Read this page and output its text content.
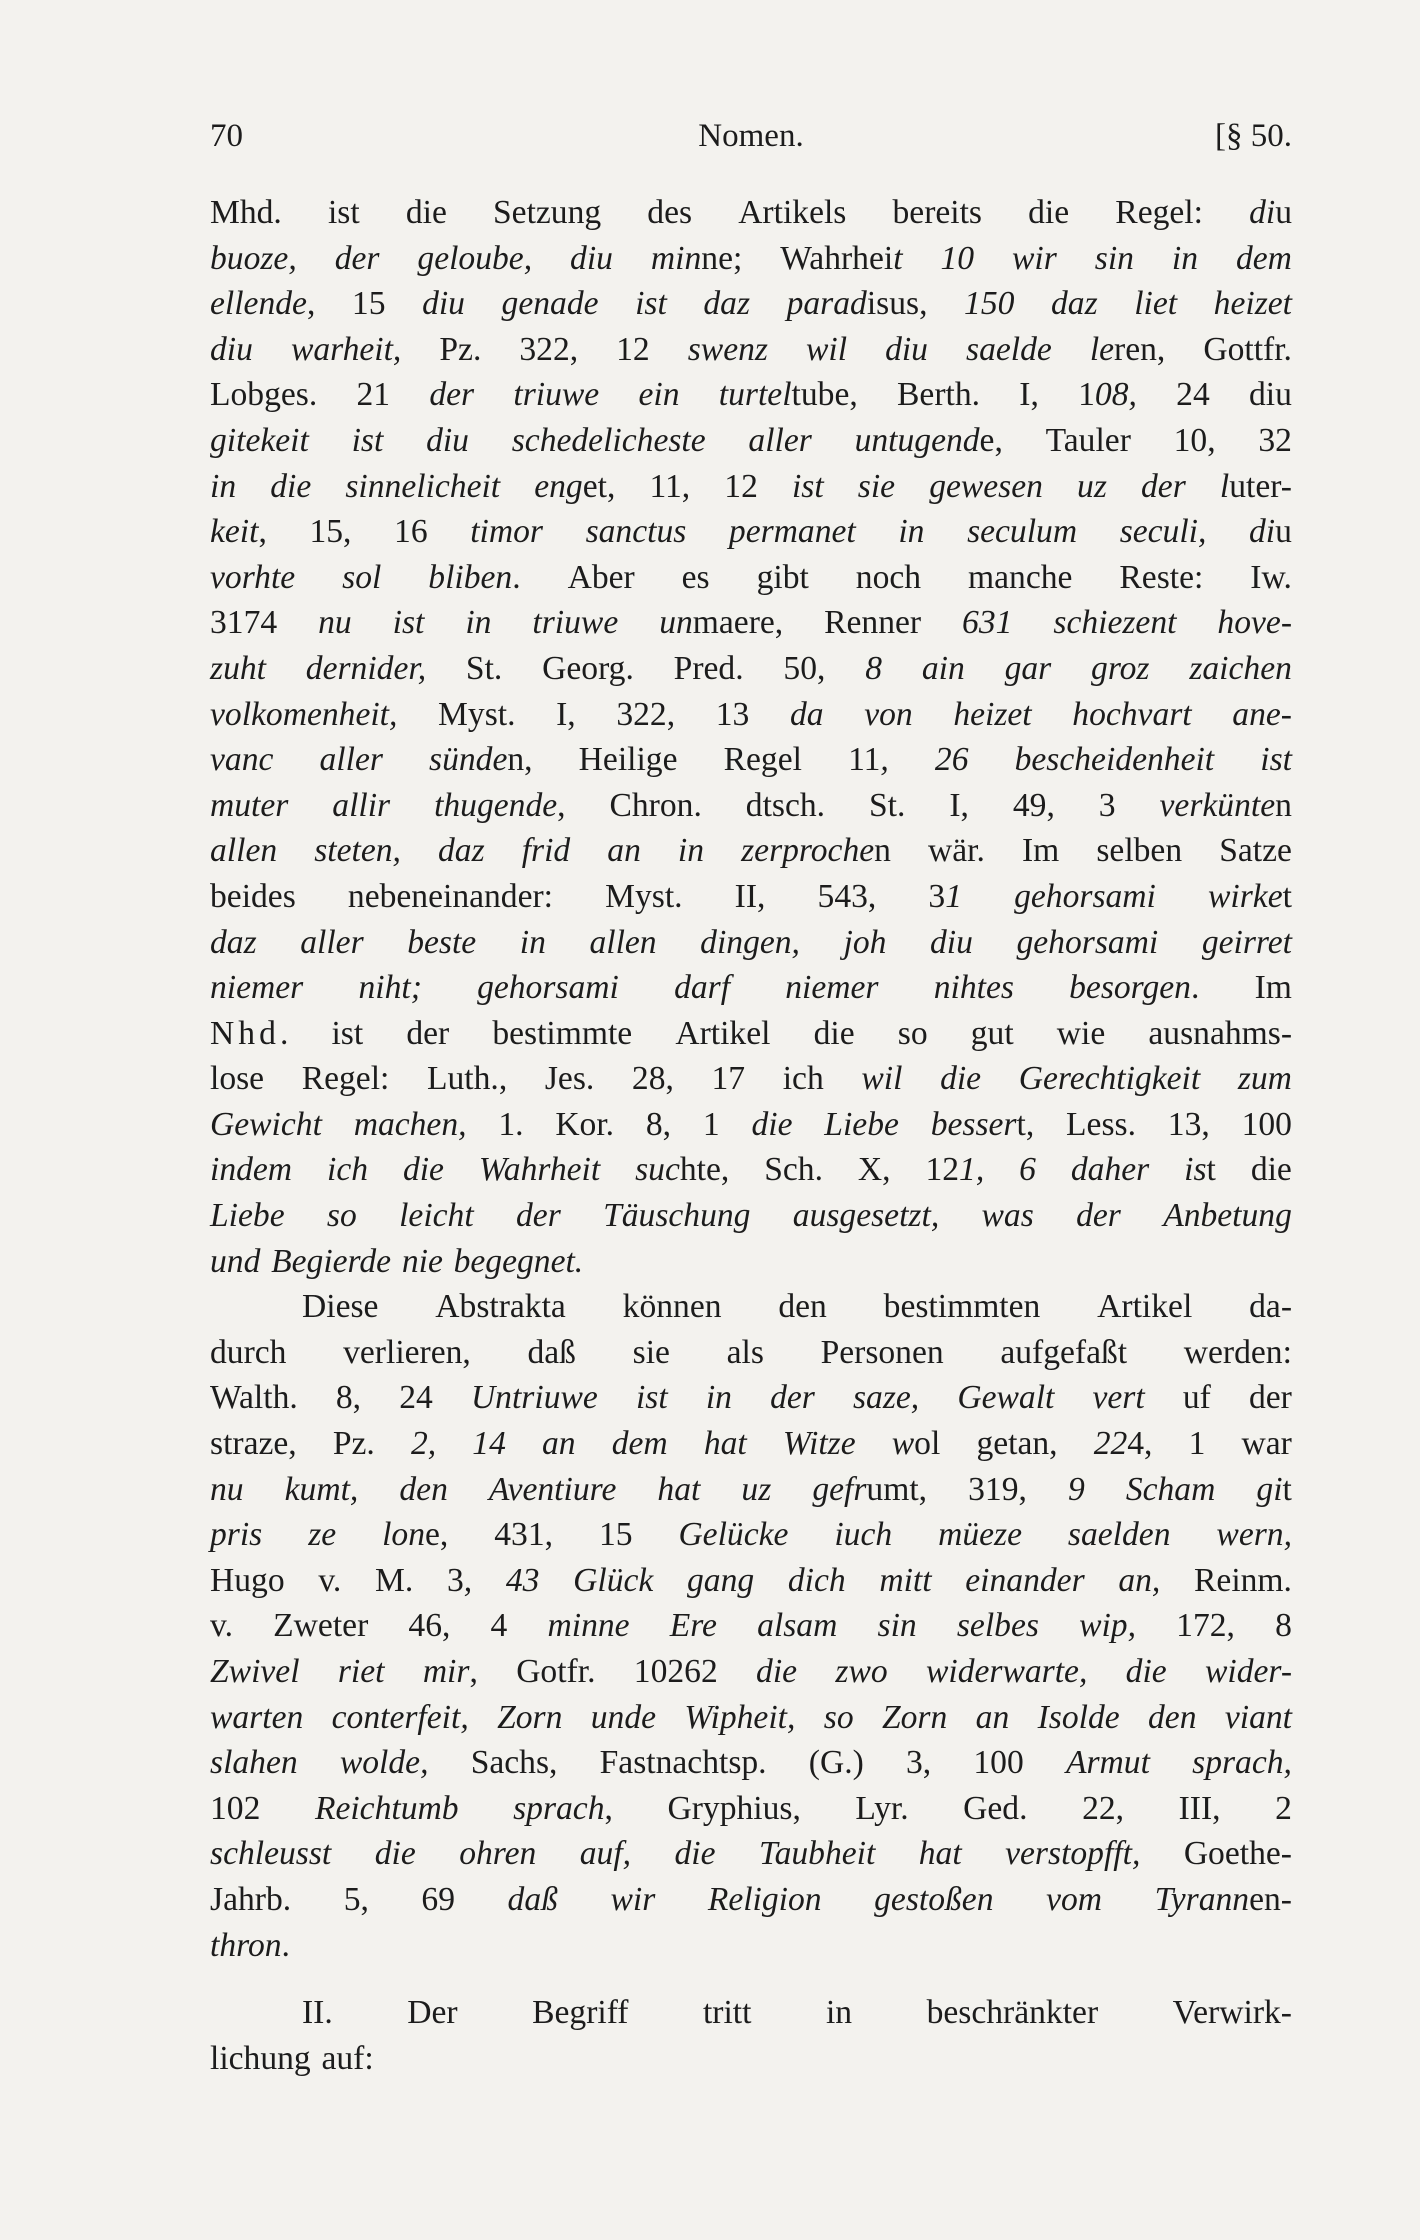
70	Nomen.	[§ 50.
Mhd. ist die Setzung des Artikels bereits die Regel: diu
buoze, der geloube, diu minne; Wahrheit 10 wir sin in dem
ellende, 15 diu genade ist daz paradisus, 150 daz liet heizet
diu warheit, Pz. 322, 12 swenz wil diu saelde leren, Gottfr.
Lobges. 21 der triuwe ein turteltube, Berth. I, 108, 24 diu
gitekeit ist diu schedelicheste aller untugende, Tauler 10, 32
in die sinnelicheit enget, 11, 12 ist sie gewesen uz der luter-
keit, 15, 16 timor sanctus permanet in seculum seculi, diu
vorhte sol bliben. Aber es gibt noch manche Reste: Iw.
3174 nu ist in triuwe unmaere, Renner 631 schiezent hove-
zuht dernider, St. Georg. Pred. 50, 8 ain gar groz zaichen
volkomenheit, Myst. I, 322, 13 da von heizet hochvart ane-
vanc aller sünden, Heilige Regel 11, 26 bescheidenheit ist
muter allir thugende, Chron. dtsch. St. I, 49, 3 verkünten
allen steten, daz frid an in zerprochen wär. Im selben Satze
beides nebeneinander: Myst. II, 543, 31 gehorsami wirket
daz aller beste in allen dingen, joh diu gehorsami geirret
niemer niht; gehorsami darf niemer nihtes besorgen. Im
Nhd. ist der bestimmte Artikel die so gut wie ausnahms-
lose Regel: Luth., Jes. 28, 17 ich wil die Gerechtigkeit zum
Gewicht machen, 1. Kor. 8, 1 die Liebe bessert, Less. 13, 100
indem ich die Wahrheit suchte, Sch. X, 121, 6 daher ist die
Liebe so leicht der Täuschung ausgesetzt, was der Anbetung
und Begierde nie begegnet.
Diese Abstrakta können den bestimmten Artikel da-
durch verlieren, daß sie als Personen aufgefaßt werden:
Walth. 8, 24 Untriuwe ist in der saze, Gewalt vert uf der
straze, Pz. 2, 14 an dem hat Witze wol getan, 224, 1 war
nu kumt, den Aventiure hat uz gefrumt, 319, 9 Scham git
pris ze lone, 431, 15 Gelücke iuch müeze saelden wern,
Hugo v. M. 3, 43 Glück gang dich mitt einander an, Reinm.
v. Zweter 46, 4 minne Ere alsam sin selbes wip, 172, 8
Zwivel riet mir, Gotfr. 10262 die zwo widerwarte, die wider-
warten conterfeit, Zorn unde Wipheit, so Zorn an Isolde den viant
slahen wolde, Sachs, Fastnachtsp. (G.) 3, 100 Armut sprach,
102 Reichtumb sprach, Gryphius, Lyr. Ged. 22, III, 2
schleusst die ohren auf, die Taubheit hat verstopfft, Goethe-
Jahrb. 5, 69 daß wir Religion gestoßen vom Tyrannen-
thron.
II. Der Begriff tritt in beschränkter Verwirk-
lichung auf:
